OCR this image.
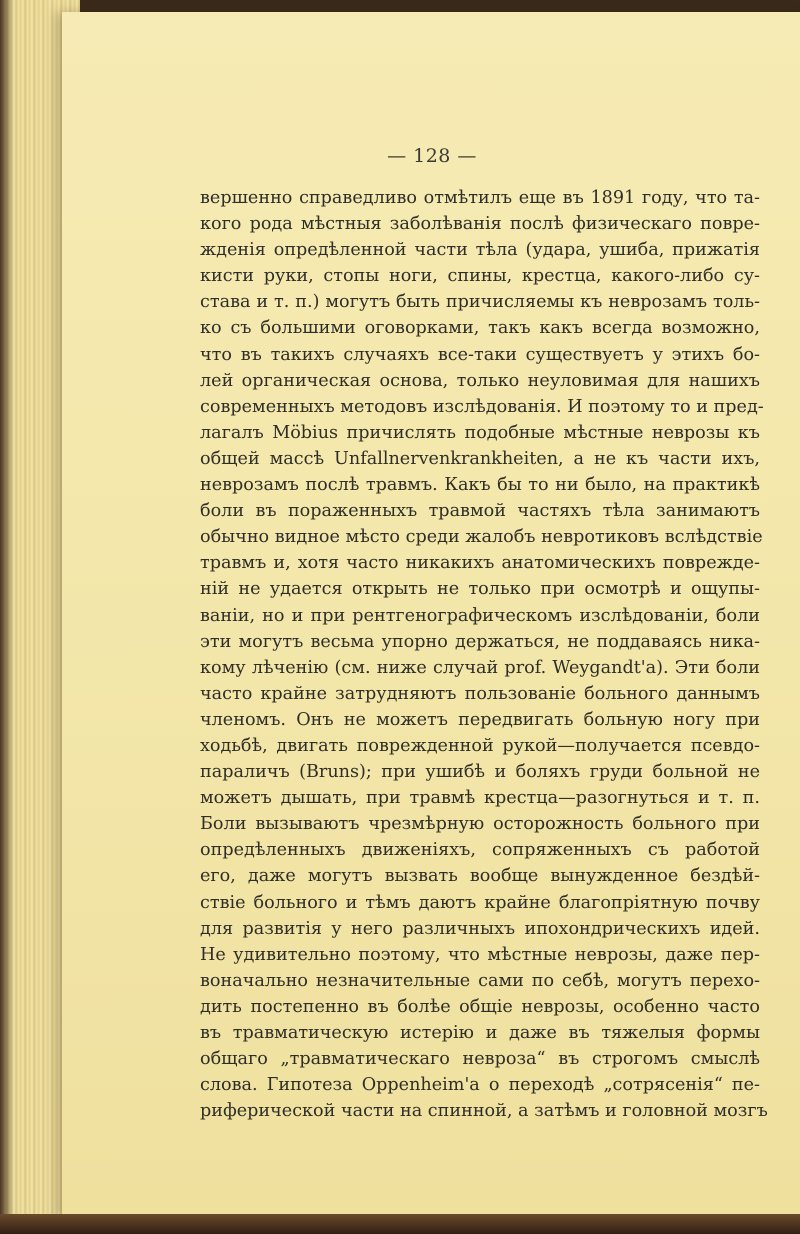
— 128 —
вершенно справедливо отмѣтилъ еще въ 1891 году, что та-
кого рода мѣстныя заболѣванія послѣ физическаго повре-
жденія опредѣленной части тѣла (удара, ушиба, прижатія
кисти руки, стопы ноги, спины, крестца, какого-либо су-
става и т. п.) могутъ быть причисляемы къ неврозамъ толь-
ко съ большими оговорками, такъ какъ всегда возможно,
что въ такихъ случаяхъ все-таки существуетъ у этихъ бо-
лей органическая основа, только неуловимая для нашихъ
современныхъ методовъ изслѣдованія. И поэтому то и пред-
лагалъ Möbius причислять подобные мѣстные неврозы къ
общей массѣ Unfallnervenkrankheiten, а не къ части ихъ,
неврозамъ послѣ травмъ. Какъ бы то ни было, на практикѣ
боли въ пораженныхъ травмой частяхъ тѣла занимаютъ
обычно видное мѣсто среди жалобъ невротиковъ вслѣдствіе
травмъ и, хотя часто никакихъ анатомическихъ поврежде-
ній не удается открыть не только при осмотрѣ и ощупы-
ваніи, но и при рентгенографическомъ изслѣдованіи, боли
эти могутъ весьма упорно держаться, не поддаваясь ника-
кому лѣченію (см. ниже случай prof. Weygandt'а). Эти боли
часто крайне затрудняютъ пользованіе больного даннымъ
членомъ. Онъ не можетъ передвигать больную ногу при
ходьбѣ, двигать поврежденной рукой—получается псевдо-
параличъ (Bruns); при ушибѣ и боляхъ груди больной не
можетъ дышать, при травмѣ крестца—разогнуться и т. п.
Боли вызываютъ чрезмѣрную осторожность больного при
опредѣленныхъ движеніяхъ, сопряженныхъ съ работой
его, даже могутъ вызвать вообще вынужденное бездѣй-
ствіе больного и тѣмъ даютъ крайне благопріятную почву
для развитія у него различныхъ ипохондрическихъ идей.
Не удивительно поэтому, что мѣстные неврозы, даже пер-
воначально незначительные сами по себѣ, могутъ перехо-
дить постепенно въ болѣе общіе неврозы, особенно часто
въ травматическую истерію и даже въ тяжелыя формы
общаго „травматическаго невроза“ въ строгомъ смыслѣ
слова. Гипотеза Oppenheim'а о переходѣ „сотрясенія“ пе-
риферической части на спинной, а затѣмъ и головной мозгъ
